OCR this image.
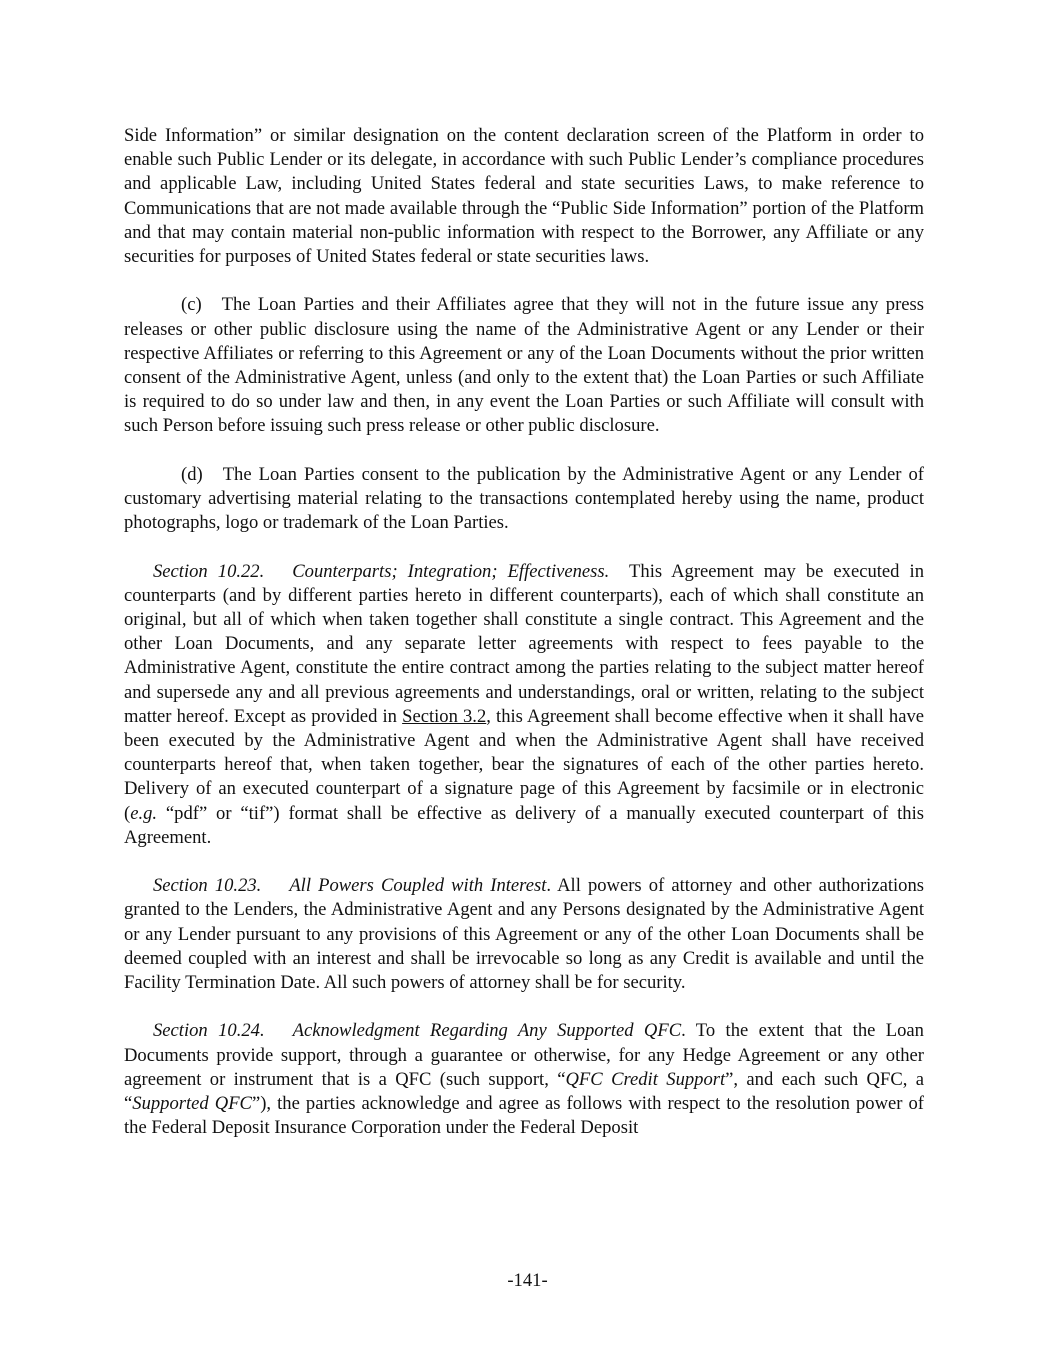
Side Information” or similar designation on the content declaration screen of the Platform in order to enable such Public Lender or its delegate, in accordance with such Public Lender’s compliance procedures and applicable Law, including United States federal and state securities Laws, to make reference to Communications that are not made available through the “Public Side Information” portion of the Platform and that may contain material non-public information with respect to the Borrower, any Affiliate or any securities for purposes of United States federal or state securities laws.

(c) The Loan Parties and their Affiliates agree that they will not in the future issue any press releases or other public disclosure using the name of the Administrative Agent or any Lender or their respective Affiliates or referring to this Agreement or any of the Loan Documents without the prior written consent of the Administrative Agent, unless (and only to the extent that) the Loan Parties or such Affiliate is required to do so under law and then, in any event the Loan Parties or such Affiliate will consult with such Person before issuing such press release or other public disclosure.

(d) The Loan Parties consent to the publication by the Administrative Agent or any Lender of customary advertising material relating to the transactions contemplated hereby using the name, product photographs, logo or trademark of the Loan Parties.

Section 10.22. Counterparts; Integration; Effectiveness. This Agreement may be executed in counterparts (and by different parties hereto in different counterparts), each of which shall constitute an original, but all of which when taken together shall constitute a single contract. This Agreement and the other Loan Documents, and any separate letter agreements with respect to fees payable to the Administrative Agent, constitute the entire contract among the parties relating to the subject matter hereof and supersede any and all previous agreements and understandings, oral or written, relating to the subject matter hereof. Except as provided in Section 3.2, this Agreement shall become effective when it shall have been executed by the Administrative Agent and when the Administrative Agent shall have received counterparts hereof that, when taken together, bear the signatures of each of the other parties hereto. Delivery of an executed counterpart of a signature page of this Agreement by facsimile or in electronic (e.g. “pdf” or “tif”) format shall be effective as delivery of a manually executed counterpart of this Agreement.

Section 10.23. All Powers Coupled with Interest. All powers of attorney and other authorizations granted to the Lenders, the Administrative Agent and any Persons designated by the Administrative Agent or any Lender pursuant to any provisions of this Agreement or any of the other Loan Documents shall be deemed coupled with an interest and shall be irrevocable so long as any Credit is available and until the Facility Termination Date. All such powers of attorney shall be for security.

Section 10.24. Acknowledgment Regarding Any Supported QFC. To the extent that the Loan Documents provide support, through a guarantee or otherwise, for any Hedge Agreement or any other agreement or instrument that is a QFC (such support, “QFC Credit Support”, and each such QFC, a “Supported QFC”), the parties acknowledge and agree as follows with respect to the resolution power of the Federal Deposit Insurance Corporation under the Federal Deposit

-141-
